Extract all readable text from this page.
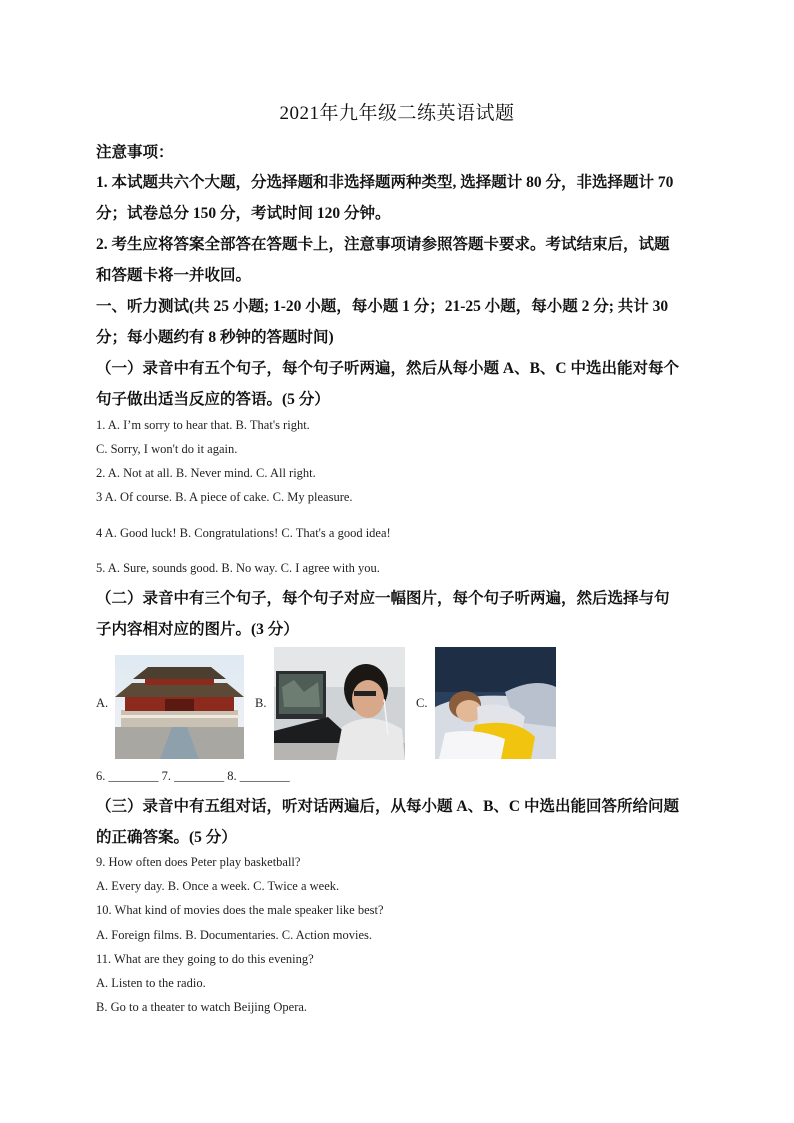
2021年九年级二练英语试题
注意事项：
1. 本试题共六个大题，分选择题和非选择题两种类型, 选择题计 80 分，非选择题计 70
分；试卷总分 150 分，考试时间 120 分钟。
2. 考生应将答案全部答在答题卡上，注意事项请参照答题卡要求。考试结束后，试题
和答题卡将一并收回。
一、听力测试(共 25 小题; 1-20 小题，每小题 1 分；21-25 小题，每小题 2 分; 共计 30
分；每小题约有 8 秒钟的答题时间)
（一）录音中有五个句子，每个句子听两遍，然后从每小题 A、B、C 中选出能对每个
句子做出适当反应的答语。(5 分）
1. A. I’m sorry to hear that. B. That's right.
C. Sorry, I won't do it again.
2. A. Not at all. B. Never mind. C. All right.
3 A. Of course. B. A piece of cake. C. My pleasure.
4 A. Good luck! B. Congratulations! C. That's a good idea!
5. A. Sure, sounds good. B. No way. C. I agree with you.
（二）录音中有三个句子，每个句子对应一幅图片，每个句子听两遍，然后选择与句
子内容相对应的图片。(3 分）
A.	B.	C.
6. ________ 7. ________ 8. ________
（三）录音中有五组对话，听对话两遍后，从每小题 A、B、C 中选出能回答所给问题
的正确答案。(5 分）
9. How often does Peter play basketball?
A. Every day. B. Once a week. C. Twice a week.
10. What kind of movies does the male speaker like best?
A. Foreign films. B. Documentaries. C. Action movies.
11. What are they going to do this evening?
A. Listen to the radio.
B. Go to a theater to watch Beijing Opera.
